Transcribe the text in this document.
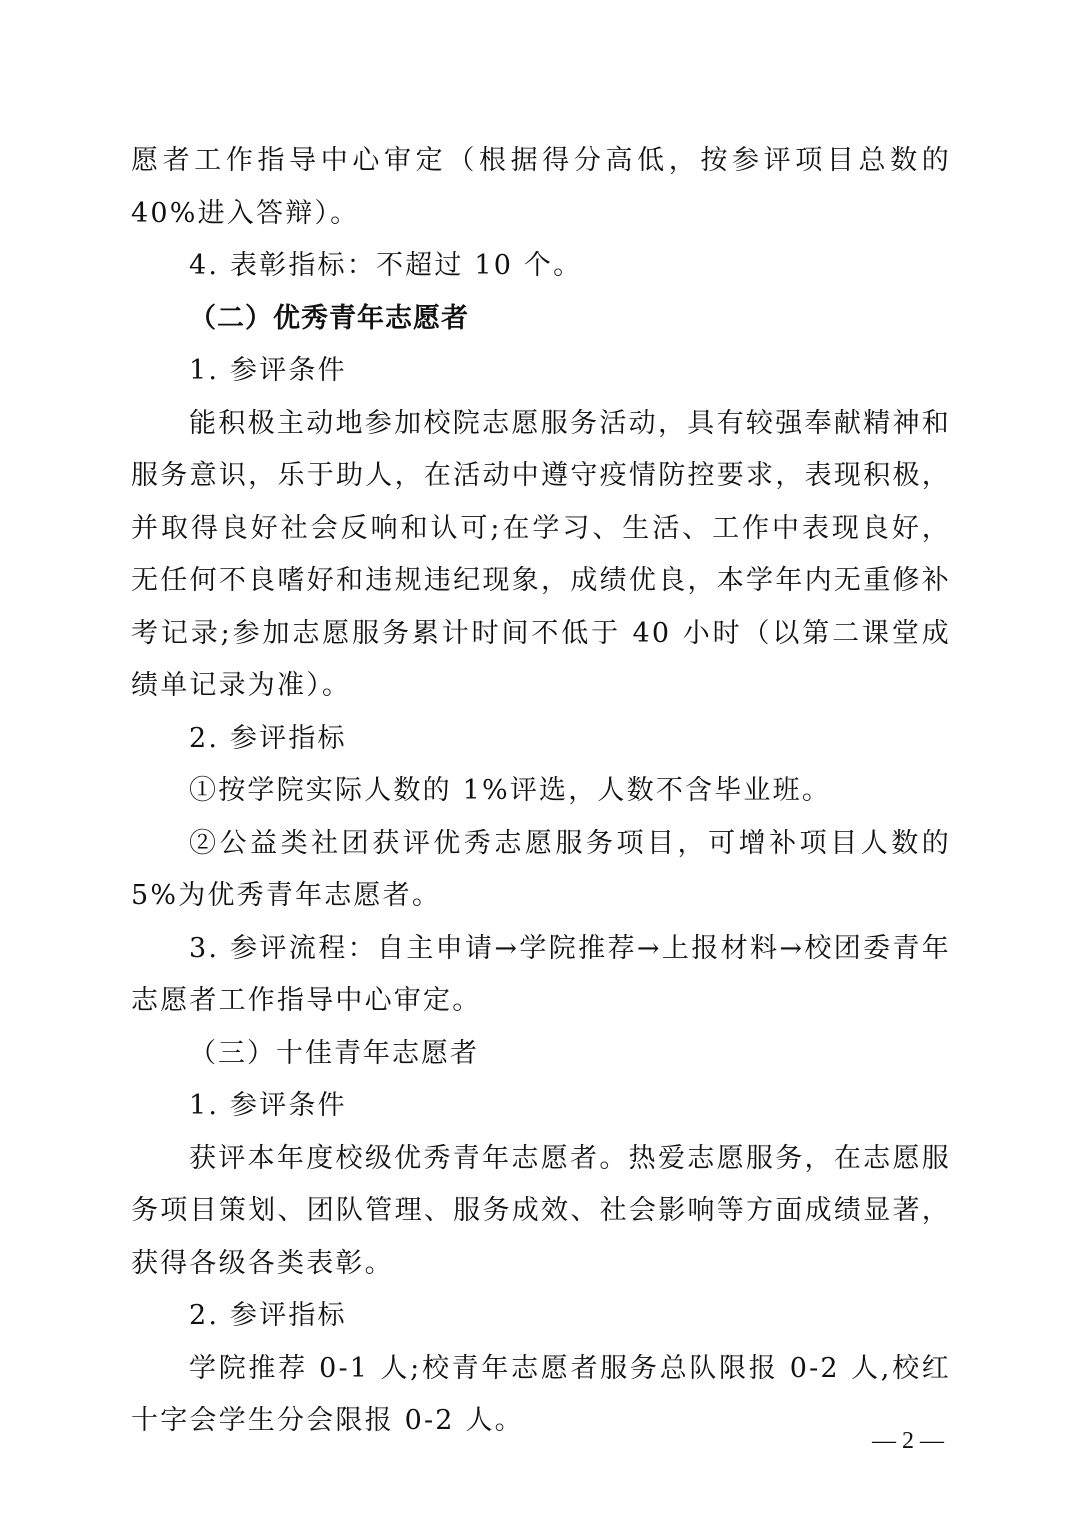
愿者工作指导中心审定（根据得分高低，按参评项目总数的 40%进入答辩）。

4. 表彰指标：不超过 10 个。

（二）优秀青年志愿者

1. 参评条件

能积极主动地参加校院志愿服务活动，具有较强奉献精神和服务意识，乐于助人，在活动中遵守疫情防控要求，表现积极，并取得良好社会反响和认可;在学习、生活、工作中表现良好，无任何不良嗜好和违规违纪现象，成绩优良，本学年内无重修补考记录;参加志愿服务累计时间不低于 40 小时（以第二课堂成绩单记录为准）。

2. 参评指标

①按学院实际人数的 1%评选，人数不含毕业班。

②公益类社团获评优秀志愿服务项目，可增补项目人数的 5%为优秀青年志愿者。

3. 参评流程：自主申请→学院推荐→上报材料→校团委青年志愿者工作指导中心审定。

（三）十佳青年志愿者

1. 参评条件

获评本年度校级优秀青年志愿者。热爱志愿服务，在志愿服务项目策划、团队管理、服务成效、社会影响等方面成绩显著，获得各级各类表彰。

2. 参评指标

学院推荐 0-1 人;校青年志愿者服务总队限报 0-2 人,校红十字会学生分会限报 0-2 人。

— 2 —
